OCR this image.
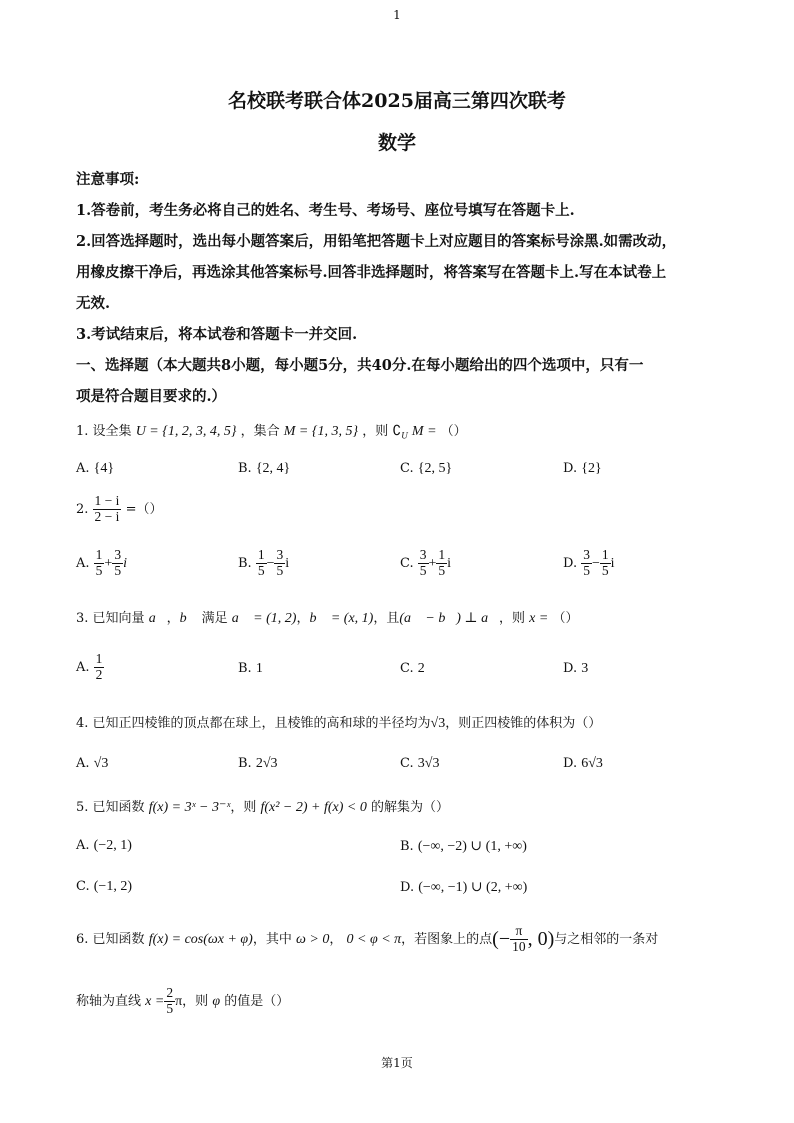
1
名校联考联合体2025届高三第四次联考
数学
注意事项:
1.答卷前，考生务必将自己的姓名、考生号、考场号、座位号填写在答题卡上.
2.回答选择题时，选出每小题答案后，用铅笔把答题卡上对应题目的答案标号涂黑.如需改动，
用橡皮擦干净后，再选涂其他答案标号.回答非选择题时，将答案写在答题卡上.写在本试卷上
无效.
3.考试结束后，将本试卷和答题卡一并交回.
一、选择题（本大题共8小题，每小题5分，共40分.在每小题给出的四个选项中，只有一
项是符合题目要求的.）
1. 设全集 U = {1, 2, 3, 4, 5} ，集合 M = {1, 3, 5} ，则 $∁_U$ M = （）
A. {4}	B. {2, 4}	C. {2, 5}	D. {2}
2. $\frac{1 - i}{2 - i}$ =（）
A. $\frac{1}{5} + \frac{3}{5}$ i	B. $\frac{1}{5} - \frac{3}{5}$ i	C. $\frac{3}{5} + \frac{1}{5}$ i	D. $\frac{3}{5} - \frac{1}{5}$ i
3. 已知向量 a⃗，b⃗ 满足 a⃗ = (1, 2)，b⃗ = (x, 1)，且(a⃗ − b⃗) ⊥ a⃗，则 x = （）
A. $\frac{1}{2}$	B. 1	C. 2	D. 3
4. 已知正四棱锥的顶点都在球上，且棱锥的高和球的半径均为√3，则正四棱锥的体积为（）
A. √3	B. 2√3	C. 3√3	D. 6√3
5. 已知函数 f(x) = 3ˣ − 3⁻ˣ，则 f(x² − 2) + f(x) < 0 的解集为（）
A. (−2, 1)	B. (−∞, −2) ∪ (1, +∞)
C. (−1, 2)	D. (−∞, −1) ∪ (2, +∞)
6. 已知函数 f(x) = cos(ωx + φ)，其中 ω > 0， 0 < φ < π，若图象上的点(− $\frac{\pi}{10}$ , 0)与之相邻的一条对
称轴为直线 $x = \frac{2}{5}$ π，则 φ 的值是（）
第1页
